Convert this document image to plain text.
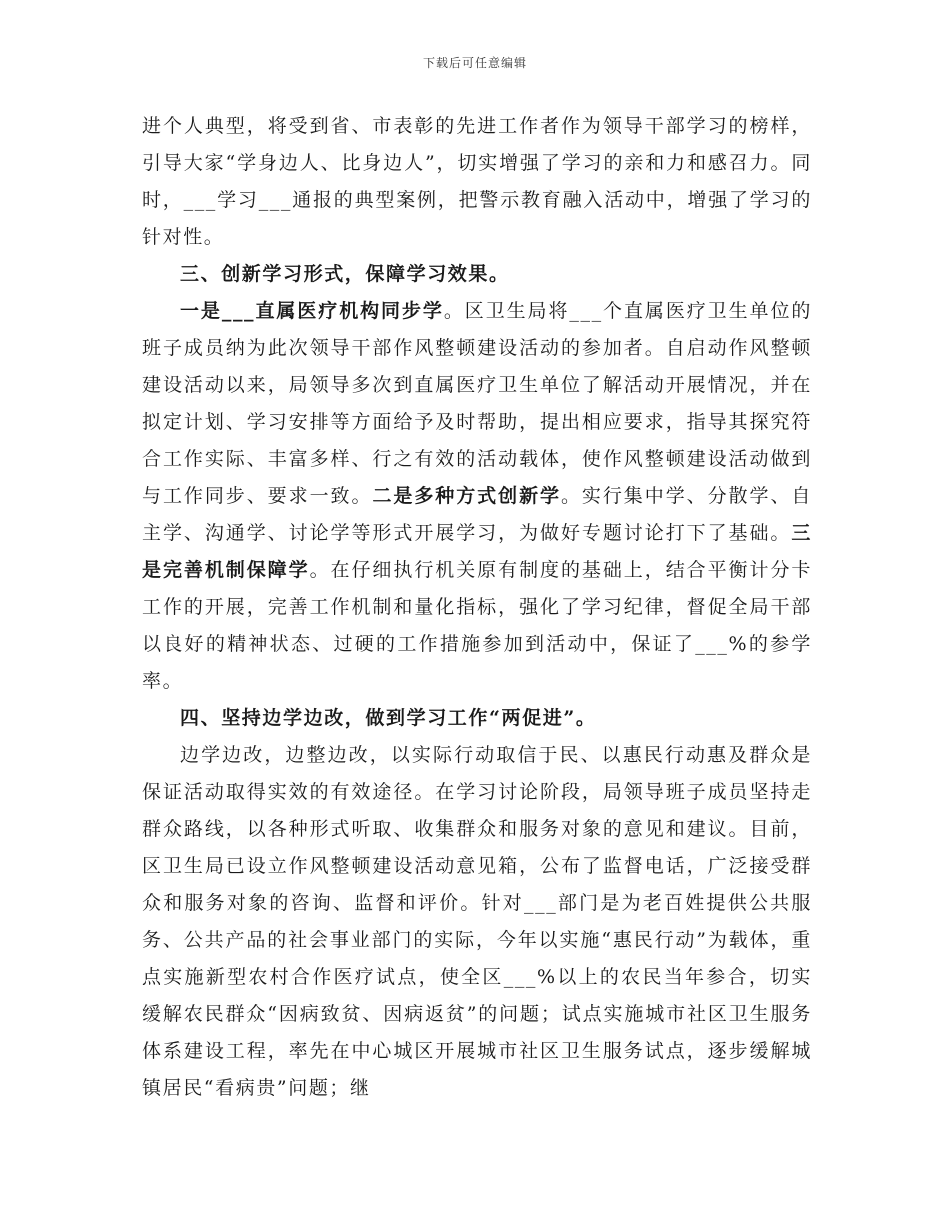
下载后可任意编辑

进个人典型，将受到省、市表彰的先进工作者作为领导干部学习的榜样，引导大家“学身边人、比身边人”，切实增强了学习的亲和力和感召力。同时，___学习___通报的典型案例，把警示教育融入活动中，增强了学习的针对性。

三、创新学习形式，保障学习效果。

一是___直属医疗机构同步学。区卫生局将___个直属医疗卫生单位的班子成员纳为此次领导干部作风整顿建设活动的参加者。自启动作风整顿建设活动以来，局领导多次到直属医疗卫生单位了解活动开展情况，并在拟定计划、学习安排等方面给予及时帮助，提出相应要求，指导其探究符合工作实际、丰富多样、行之有效的活动载体，使作风整顿建设活动做到与工作同步、要求一致。二是多种方式创新学。实行集中学、分散学、自主学、沟通学、讨论学等形式开展学习，为做好专题讨论打下了基础。三是完善机制保障学。在仔细执行机关原有制度的基础上，结合平衡计分卡工作的开展，完善工作机制和量化指标，强化了学习纪律，督促全局干部以良好的精神状态、过硬的工作措施参加到活动中，保证了___%的参学率。

四、坚持边学边改，做到学习工作“两促进”。

边学边改，边整边改，以实际行动取信于民、以惠民行动惠及群众是保证活动取得实效的有效途径。在学习讨论阶段，局领导班子成员坚持走群众路线，以各种形式听取、收集群众和服务对象的意见和建议。目前，区卫生局已设立作风整顿建设活动意见箱，公布了监督电话，广泛接受群众和服务对象的咨询、监督和评价。针对___部门是为老百姓提供公共服务、公共产品的社会事业部门的实际，今年以实施“惠民行动”为载体，重点实施新型农村合作医疗试点，使全区___%以上的农民当年参合，切实缓解农民群众“因病致贫、因病返贫”的问题；试点实施城市社区卫生服务体系建设工程，率先在中心城区开展城市社区卫生服务试点，逐步缓解城镇居民“看病贵”问题；继
